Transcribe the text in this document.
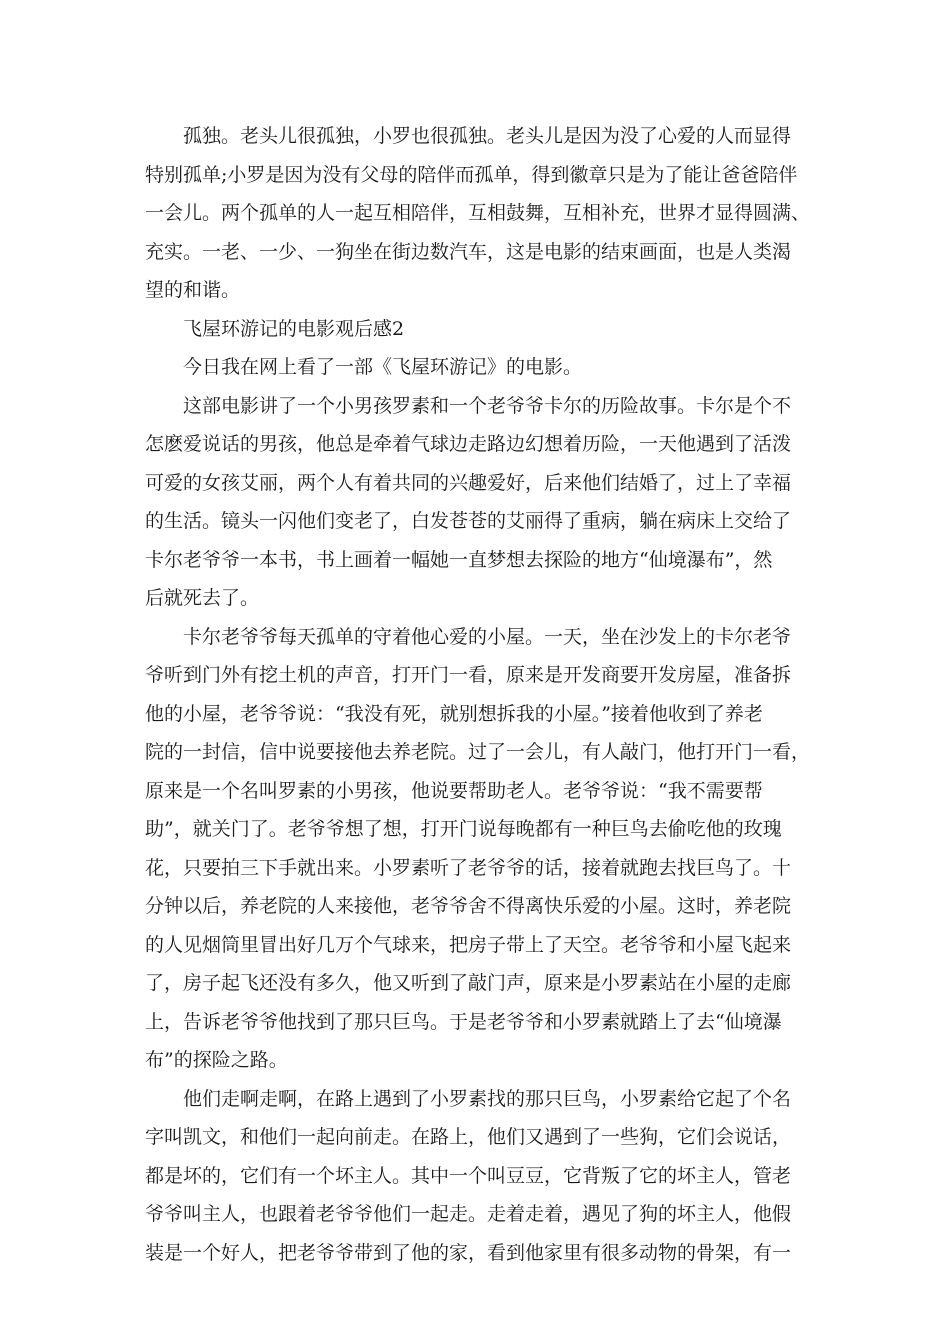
孤独。老头儿很孤独，小罗也很孤独。老头儿是因为没了心爱的人而显得
特别孤单;小罗是因为没有父母的陪伴而孤单，得到徽章只是为了能让爸爸陪伴
一会儿。两个孤单的人一起互相陪伴，互相鼓舞，互相补充，世界才显得圆满、
充实。一老、一少、一狗坐在街边数汽车，这是电影的结束画面，也是人类渴
望的和谐。
飞屋环游记的电影观后感2
今日我在网上看了一部《飞屋环游记》的电影。
这部电影讲了一个小男孩罗素和一个老爷爷卡尔的历险故事。卡尔是个不
怎麽爱说话的男孩，他总是牵着气球边走路边幻想着历险，一天他遇到了活泼
可爱的女孩艾丽，两个人有着共同的兴趣爱好，后来他们结婚了，过上了幸福
的生活。镜头一闪他们变老了，白发苍苍的艾丽得了重病，躺在病床上交给了
卡尔老爷爷一本书，书上画着一幅她一直梦想去探险的地方“仙境瀑布”，然
后就死去了。
卡尔老爷爷每天孤单的守着他心爱的小屋。一天，坐在沙发上的卡尔老爷
爷听到门外有挖土机的声音，打开门一看，原来是开发商要开发房屋，准备拆
他的小屋，老爷爷说：“我没有死，就别想拆我的小屋。”接着他收到了养老
院的一封信，信中说要接他去养老院。过了一会儿，有人敲门，他打开门一看，
原来是一个名叫罗素的小男孩，他说要帮助老人。老爷爷说：“我不需要帮
助”，就关门了。老爷爷想了想，打开门说每晚都有一种巨鸟去偷吃他的玫瑰
花，只要拍三下手就出来。小罗素听了老爷爷的话，接着就跑去找巨鸟了。十
分钟以后，养老院的人来接他，老爷爷舍不得离快乐爱的小屋。这时，养老院
的人见烟筒里冒出好几万个气球来，把房子带上了天空。老爷爷和小屋飞起来
了，房子起飞还没有多久，他又听到了敲门声，原来是小罗素站在小屋的走廊
上，告诉老爷爷他找到了那只巨鸟。于是老爷爷和小罗素就踏上了去“仙境瀑
布”的探险之路。
他们走啊走啊，在路上遇到了小罗素找的那只巨鸟，小罗素给它起了个名
字叫凯文，和他们一起向前走。在路上，他们又遇到了一些狗，它们会说话，
都是坏的，它们有一个坏主人。其中一个叫豆豆，它背叛了它的坏主人，管老
爷爷叫主人，也跟着老爷爷他们一起走。走着走着，遇见了狗的坏主人，他假
装是一个好人，把老爷爷带到了他的家，看到他家里有很多动物的骨架，有一
